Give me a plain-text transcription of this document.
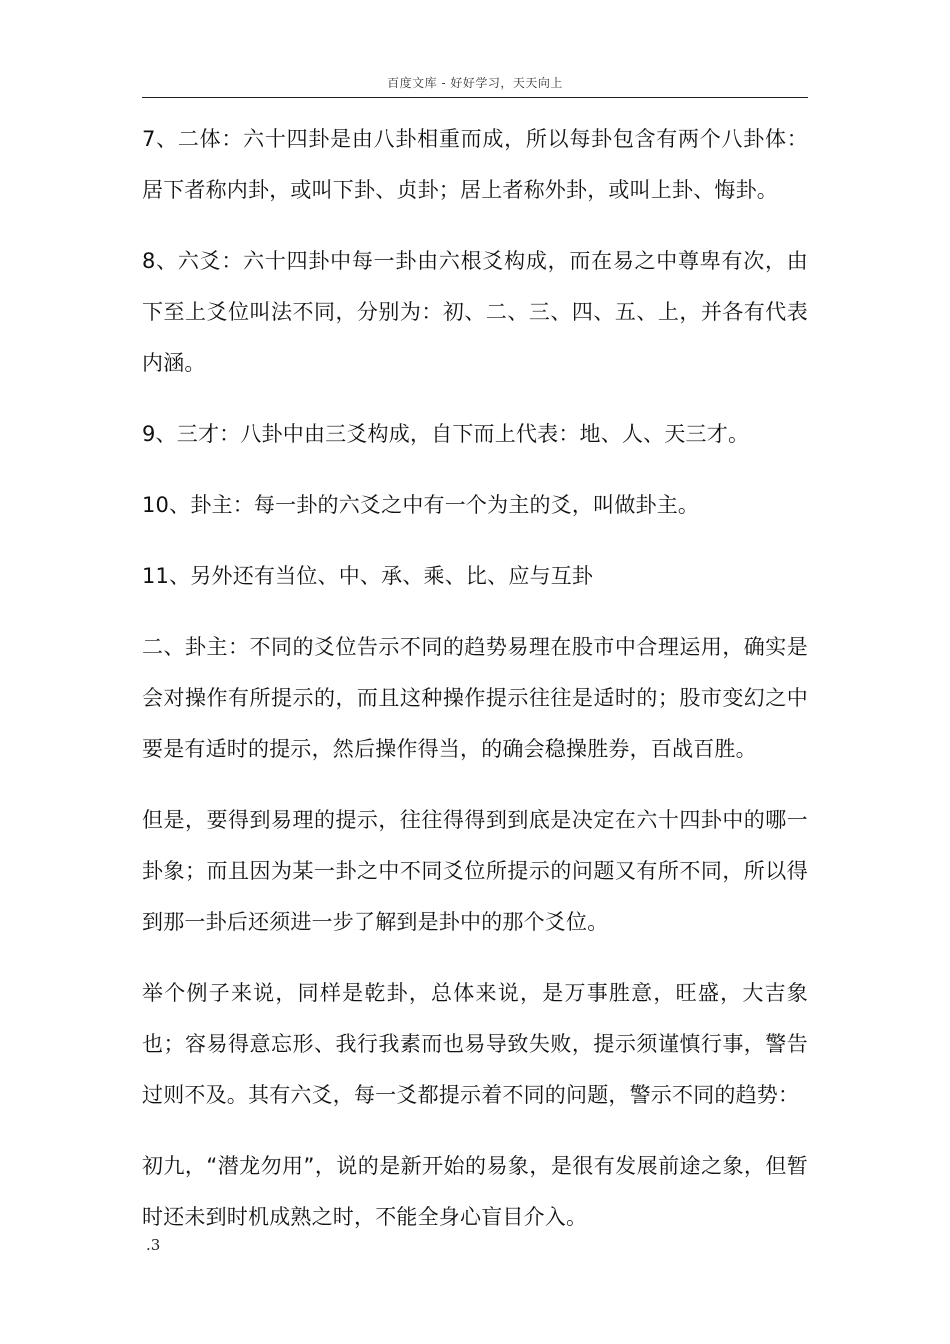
百度文库 - 好好学习，天天向上

7、二体：六十四卦是由八卦相重而成，所以每卦包含有两个八卦体：居下者称内卦，或叫下卦、贞卦；居上者称外卦，或叫上卦、悔卦。

8、六爻：六十四卦中每一卦由六根爻构成，而在易之中尊卑有次，由下至上爻位叫法不同，分别为：初、二、三、四、五、上，并各有代表内涵。

9、三才：八卦中由三爻构成，自下而上代表：地、人、天三才。

10、卦主：每一卦的六爻之中有一个为主的爻，叫做卦主。

11、另外还有当位、中、承、乘、比、应与互卦

二、卦主：不同的爻位告示不同的趋势易理在股市中合理运用，确实是会对操作有所提示的，而且这种操作提示往往是适时的；股市变幻之中要是有适时的提示，然后操作得当，的确会稳操胜券，百战百胜。

但是，要得到易理的提示，往往得得到到底是决定在六十四卦中的哪一卦象；而且因为某一卦之中不同爻位所提示的问题又有所不同，所以得到那一卦后还须进一步了解到是卦中的那个爻位。

举个例子来说，同样是乾卦，总体来说，是万事胜意，旺盛，大吉象也；容易得意忘形、我行我素而也易导致失败，提示须谨慎行事，警告过则不及。其有六爻，每一爻都提示着不同的问题，警示不同的趋势：

初九，“潜龙勿用”，说的是新开始的易象，是很有发展前途之象，但暂时还未到时机成熟之时，不能全身心盲目介入。

.3
